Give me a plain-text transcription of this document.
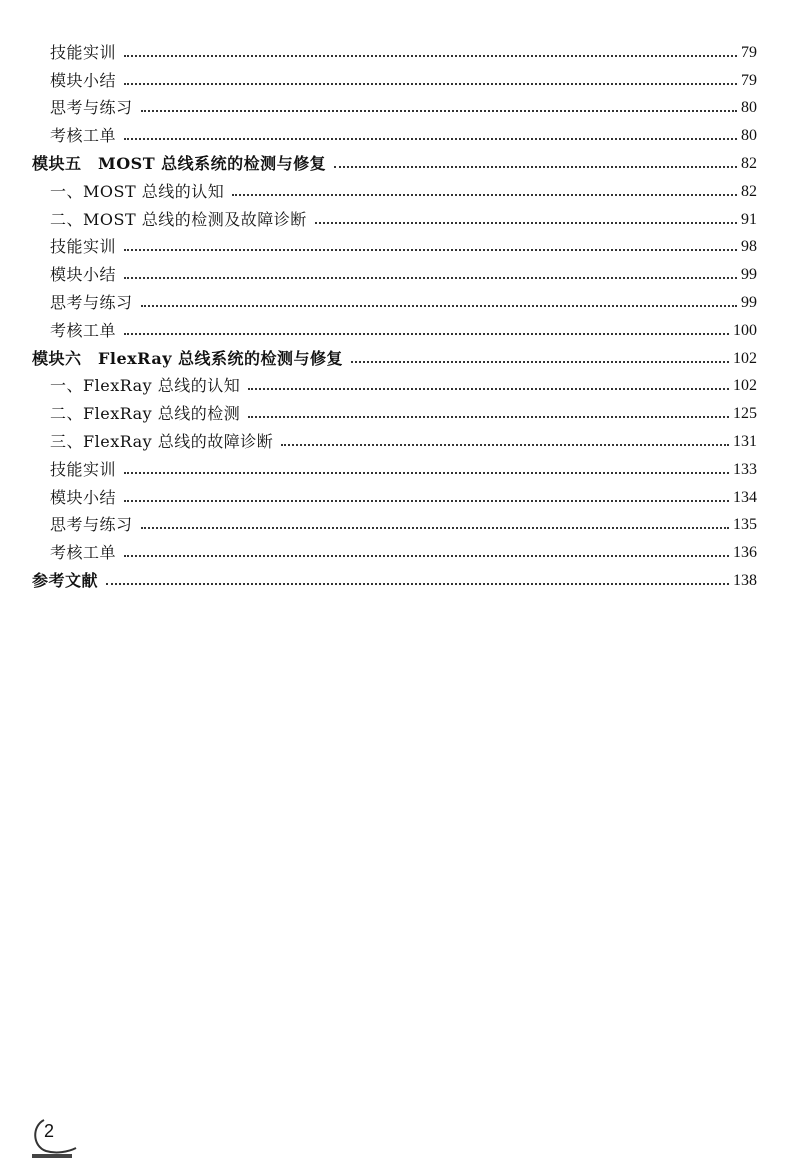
技能实训	79
模块小结	79
思考与练习	80
考核工单	80
模块五　MOST 总线系统的检测与修复	82
一、MOST 总线的认知	82
二、MOST 总线的检测及故障诊断	91
技能实训	98
模块小结	99
思考与练习	99
考核工单	100
模块六　FlexRay 总线系统的检测与修复	102
一、FlexRay 总线的认知	102
二、FlexRay 总线的检测	125
三、FlexRay 总线的故障诊断	131
技能实训	133
模块小结	134
思考与练习	135
考核工单	136
参考文献	138
2
